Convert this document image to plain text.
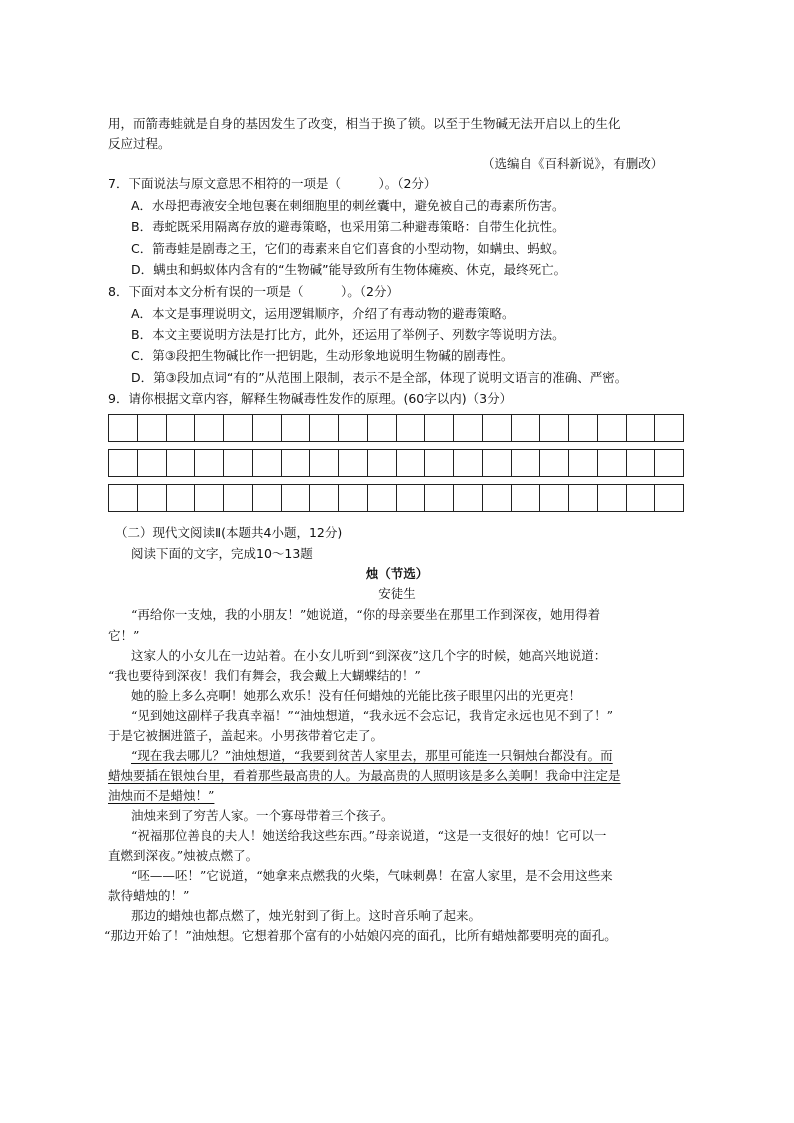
用，而箭毒蛙就是自身的基因发生了改变，相当于换了锁。以至于生物碱无法开启以上的生化
反应过程。
（选编自《百科新说》，有删改）
7．下面说法与原文意思不相符的一项是（　　　）。（2分）
A．水母把毒液安全地包裹在刺细胞里的刺丝囊中，避免被自己的毒素所伤害。
B．毒蛇既采用隔离存放的避毒策略，也采用第二种避毒策略：自带生化抗性。
C．箭毒蛙是剧毒之王，它们的毒素来自它们喜食的小型动物，如螨虫、蚂蚁。
D．螨虫和蚂蚁体内含有的“生物碱”能导致所有生物体瘫痪、休克，最终死亡。
8．下面对本文分析有误的一项是（　　　）。（2分）
A．本文是事理说明文，运用逻辑顺序，介绍了有毒动物的避毒策略。
B．本文主要说明方法是打比方，此外，还运用了举例子、列数字等说明方法。
C．第③段把生物碱比作一把钥匙，生动形象地说明生物碱的剧毒性。
D．第③段加点词“有的”从范围上限制，表示不是全部，体现了说明文语言的准确、严密。
9．请你根据文章内容，解释生物碱毒性发作的原理。(60字以内)（3分）
（二）现代文阅读Ⅱ(本题共4小题，12分)
阅读下面的文字，完成10～13题
烛（节选）
安徒生
“再给你一支烛，我的小朋友！”她说道，“你的母亲要坐在那里工作到深夜，她用得着
它！”
这家人的小女儿在一边站着。在小女儿听到“到深夜”这几个字的时候，她高兴地说道：
“我也要待到深夜！我们有舞会，我会戴上大蝴蝶结的！”
她的脸上多么亮啊！她那么欢乐！没有任何蜡烛的光能比孩子眼里闪出的光更亮！
“见到她这副样子我真幸福！”“油烛想道，“我永远不会忘记，我肯定永远也见不到了！”
于是它被捆进篮子，盖起来。小男孩带着它走了。
“现在我去哪儿？”油烛想道，“我要到贫苦人家里去，那里可能连一只铜烛台都没有。而
蜡烛要插在银烛台里，看着那些最高贵的人。为最高贵的人照明该是多么美啊！我命中注定是
油烛而不是蜡烛！”
油烛来到了穷苦人家。一个寡母带着三个孩子。
“祝福那位善良的夫人！她送给我这些东西。”母亲说道，“这是一支很好的烛！它可以一
直燃到深夜。”烛被点燃了。
“呸——呸！”它说道，“她拿来点燃我的火柴，气味刺鼻！在富人家里，是不会用这些来
款待蜡烛的！”
那边的蜡烛也都点燃了，烛光射到了街上。这时音乐响了起来。
“那边开始了！”油烛想。它想着那个富有的小姑娘闪亮的面孔，比所有蜡烛都要明亮的面孔。
